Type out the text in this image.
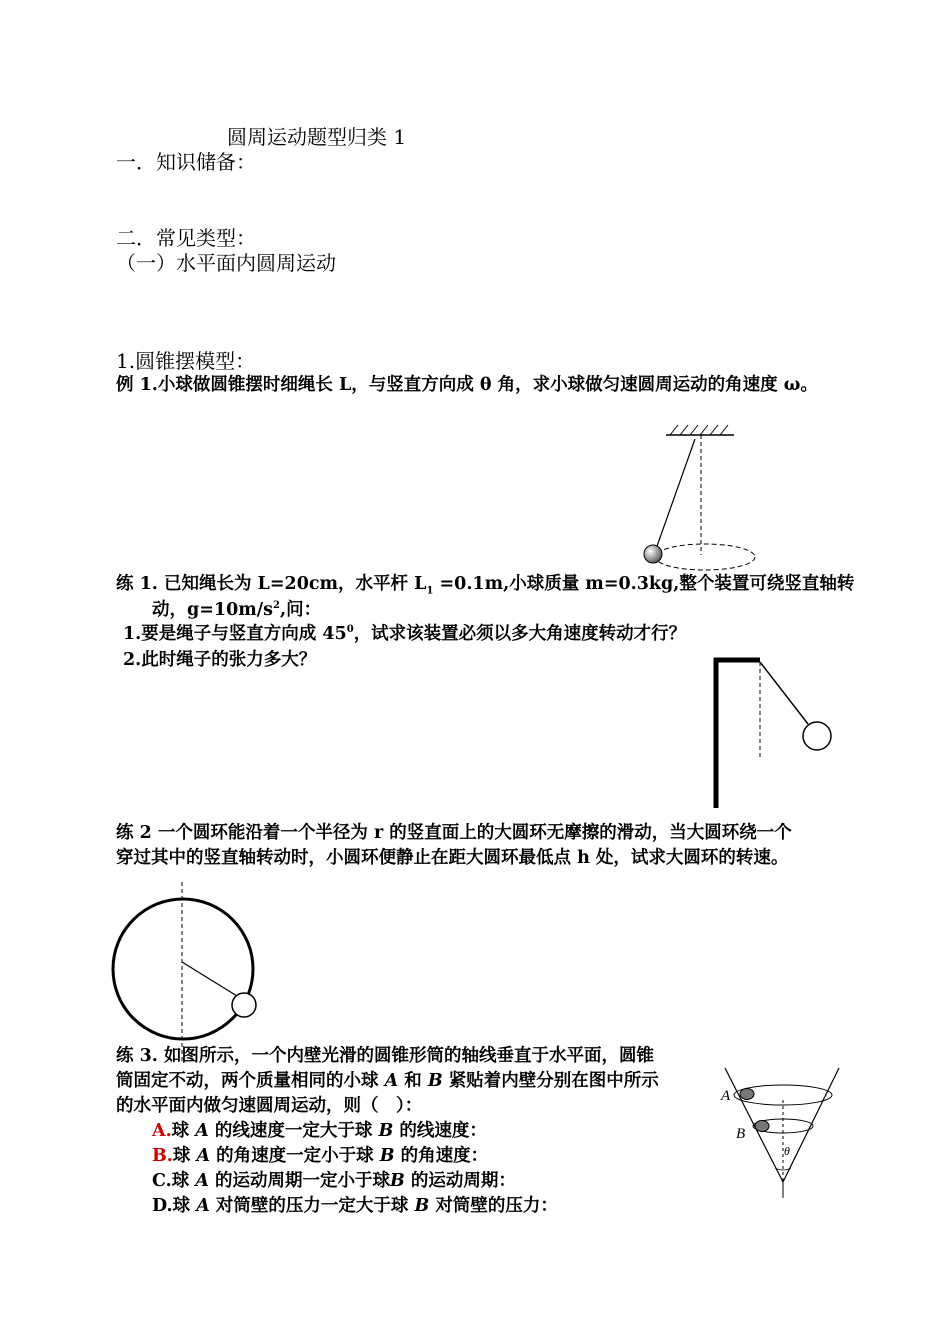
圆周运动题型归类 1
一．知识储备：
二．常见类型：
（一）水平面内圆周运动
1.圆锥摆模型：
例 1.小球做圆锥摆时细绳长 L，与竖直方向成 θ 角，求小球做匀速圆周运动的角速度 ω。
练 1. 已知绳长为 L=20cm，水平杆 $L_1 =0.1m$,小球质量 m=0.3kg,整个装置可绕竖直轴转
动，$g=10m/s^2$,问：
1.要是绳子与竖直方向成 $45^0$，试求该装置必须以多大角速度转动才行？
2.此时绳子的张力多大？
练 2 一个圆环能沿着一个半径为 r 的竖直面上的大圆环无摩擦的滑动，当大圆环绕一个
穿过其中的竖直轴转动时，小圆环便静止在距大圆环最低点 h 处，试求大圆环的转速。
练 3. 如图所示，一个内壁光滑的圆锥形筒的轴线垂直于水平面，圆锥
筒固定不动，两个质量相同的小球 A 和 B 紧贴着内壁分别在图中所示
的水平面内做匀速圆周运动，则（　）：
A.球 A 的线速度一定大于球 B 的线速度：
B.球 A 的角速度一定小于球 B 的角速度：
C.球 A 的运动周期一定小于球B 的运动周期：
D.球 A 对筒壁的压力一定大于球 B 对筒壁的压力：
A
B
θ
